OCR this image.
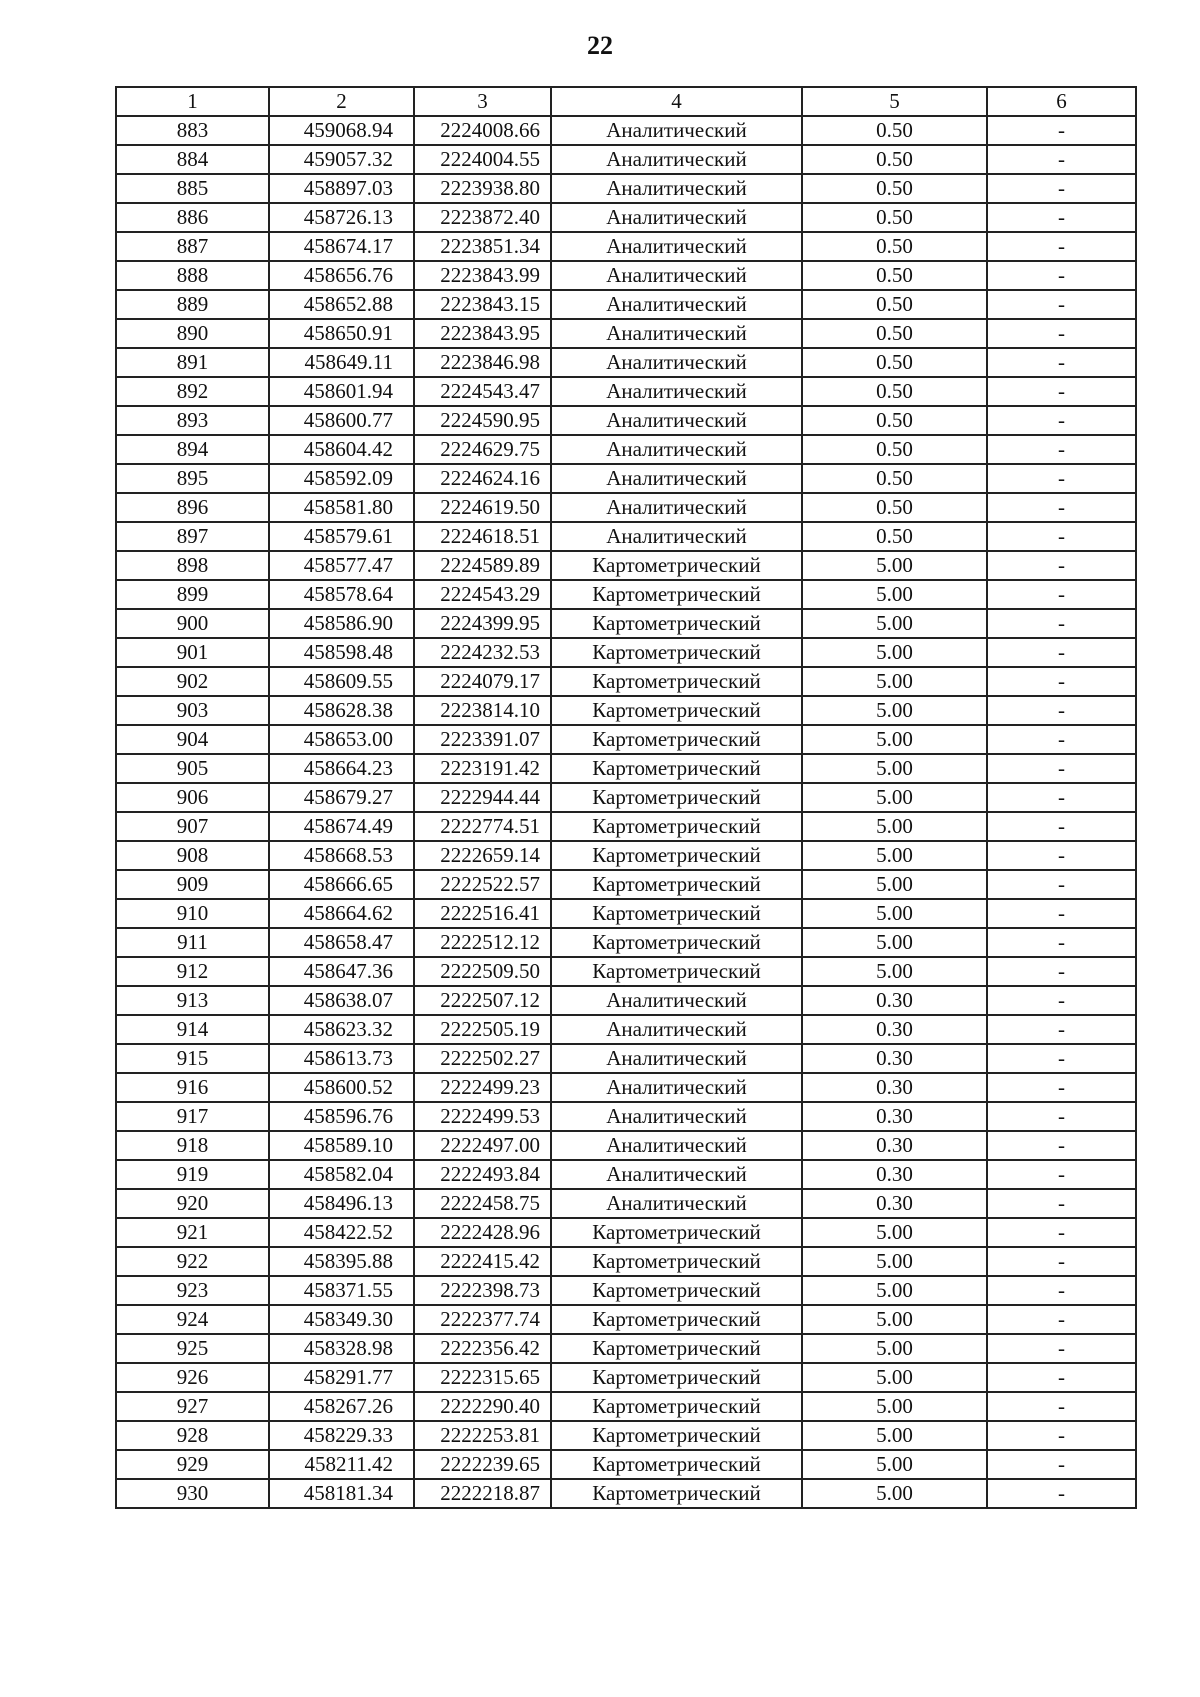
22
1	2	3	4	5	6
883	459068.94	2224008.66	Аналитический	0.50	-
884	459057.32	2224004.55	Аналитический	0.50	-
885	458897.03	2223938.80	Аналитический	0.50	-
886	458726.13	2223872.40	Аналитический	0.50	-
887	458674.17	2223851.34	Аналитический	0.50	-
888	458656.76	2223843.99	Аналитический	0.50	-
889	458652.88	2223843.15	Аналитический	0.50	-
890	458650.91	2223843.95	Аналитический	0.50	-
891	458649.11	2223846.98	Аналитический	0.50	-
892	458601.94	2224543.47	Аналитический	0.50	-
893	458600.77	2224590.95	Аналитический	0.50	-
894	458604.42	2224629.75	Аналитический	0.50	-
895	458592.09	2224624.16	Аналитический	0.50	-
896	458581.80	2224619.50	Аналитический	0.50	-
897	458579.61	2224618.51	Аналитический	0.50	-
898	458577.47	2224589.89	Картометрический	5.00	-
899	458578.64	2224543.29	Картометрический	5.00	-
900	458586.90	2224399.95	Картометрический	5.00	-
901	458598.48	2224232.53	Картометрический	5.00	-
902	458609.55	2224079.17	Картометрический	5.00	-
903	458628.38	2223814.10	Картометрический	5.00	-
904	458653.00	2223391.07	Картометрический	5.00	-
905	458664.23	2223191.42	Картометрический	5.00	-
906	458679.27	2222944.44	Картометрический	5.00	-
907	458674.49	2222774.51	Картометрический	5.00	-
908	458668.53	2222659.14	Картометрический	5.00	-
909	458666.65	2222522.57	Картометрический	5.00	-
910	458664.62	2222516.41	Картометрический	5.00	-
911	458658.47	2222512.12	Картометрический	5.00	-
912	458647.36	2222509.50	Картометрический	5.00	-
913	458638.07	2222507.12	Аналитический	0.30	-
914	458623.32	2222505.19	Аналитический	0.30	-
915	458613.73	2222502.27	Аналитический	0.30	-
916	458600.52	2222499.23	Аналитический	0.30	-
917	458596.76	2222499.53	Аналитический	0.30	-
918	458589.10	2222497.00	Аналитический	0.30	-
919	458582.04	2222493.84	Аналитический	0.30	-
920	458496.13	2222458.75	Аналитический	0.30	-
921	458422.52	2222428.96	Картометрический	5.00	-
922	458395.88	2222415.42	Картометрический	5.00	-
923	458371.55	2222398.73	Картометрический	5.00	-
924	458349.30	2222377.74	Картометрический	5.00	-
925	458328.98	2222356.42	Картометрический	5.00	-
926	458291.77	2222315.65	Картометрический	5.00	-
927	458267.26	2222290.40	Картометрический	5.00	-
928	458229.33	2222253.81	Картометрический	5.00	-
929	458211.42	2222239.65	Картометрический	5.00	-
930	458181.34	2222218.87	Картометрический	5.00	-
